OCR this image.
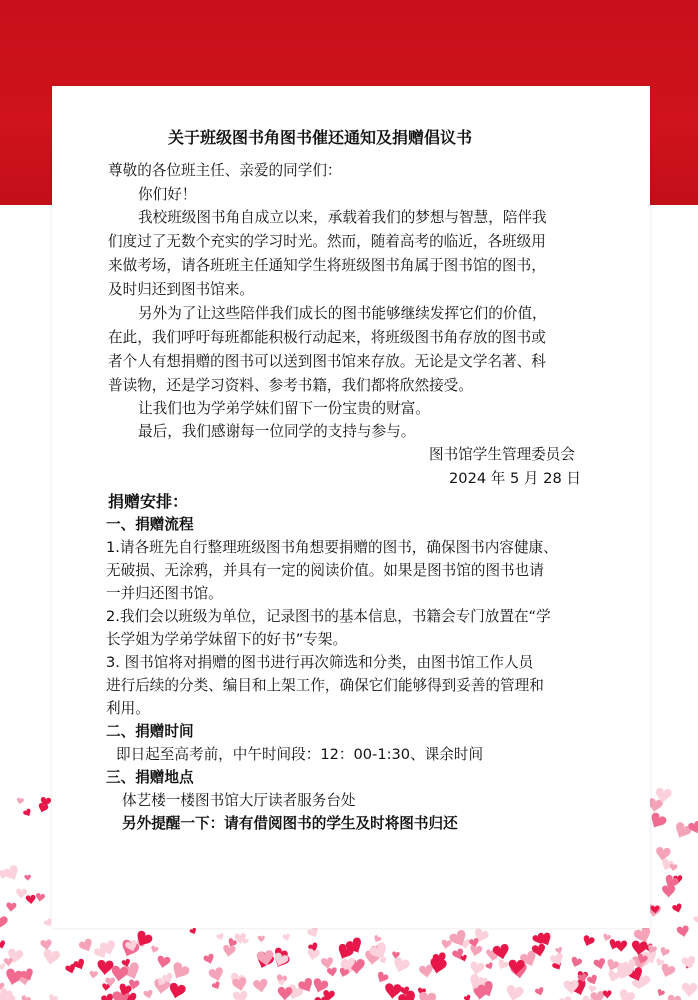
关于班级图书角图书催还通知及捐赠倡议书
尊敬的各位班主任、亲爱的同学们：
你们好！
我校班级图书角自成立以来，承载着我们的梦想与智慧，陪伴我
们度过了无数个充实的学习时光。然而，随着高考的临近，各班级用
来做考场，请各班班主任通知学生将班级图书角属于图书馆的图书，
及时归还到图书馆来。
另外为了让这些陪伴我们成长的图书能够继续发挥它们的价值，
在此，我们呼吁每班都能积极行动起来，将班级图书角存放的图书或
者个人有想捐赠的图书可以送到图书馆来存放。无论是文学名著、科
普读物，还是学习资料、参考书籍，我们都将欣然接受。
让我们也为学弟学妹们留下一份宝贵的财富。
最后，我们感谢每一位同学的支持与参与。
图书馆学生管理委员会
2024 年 5 月 28 日
捐赠安排：
一、捐赠流程
1.请各班先自行整理班级图书角想要捐赠的图书，确保图书内容健康、
无破损、无涂鸦，并具有一定的阅读价值。如果是图书馆的图书也请
一并归还图书馆。
2.我们会以班级为单位，记录图书的基本信息，书籍会专门放置在“学
长学姐为学弟学妹留下的好书”专架。
3. 图书馆将对捐赠的图书进行再次筛选和分类，由图书馆工作人员
进行后续的分类、编目和上架工作，确保它们能够得到妥善的管理和
利用。
二、捐赠时间
即日起至高考前，中午时间段：12：00-1:30、课余时间
三、捐赠地点
体艺楼一楼图书馆大厅读者服务台处
另外提醒一下：请有借阅图书的学生及时将图书归还
